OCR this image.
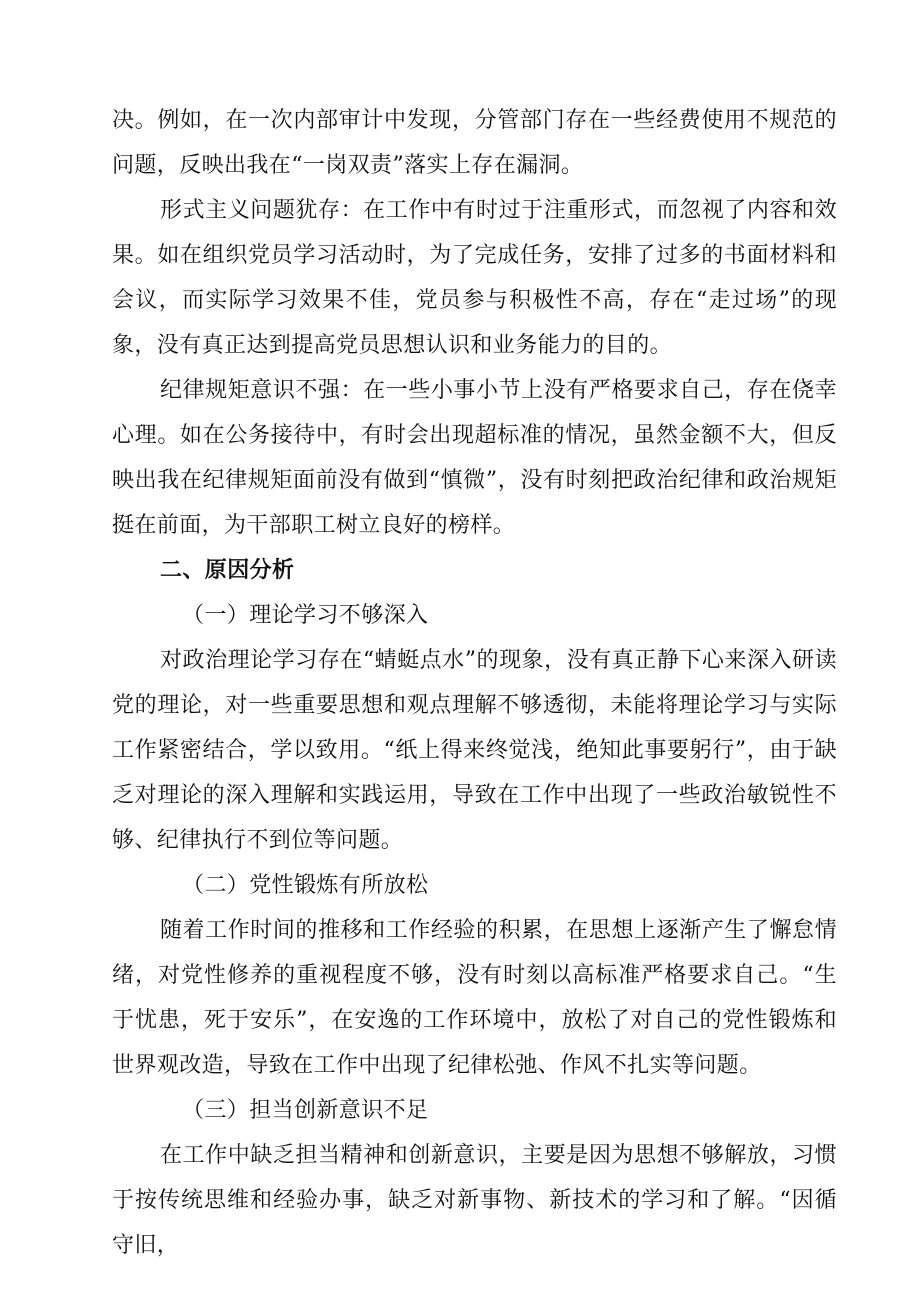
决。例如，在一次内部审计中发现，分管部门存在一些经费使用不规范的问题，反映出我在“一岗双责”落实上存在漏洞。

形式主义问题犹存：在工作中有时过于注重形式，而忽视了内容和效果。如在组织党员学习活动时，为了完成任务，安排了过多的书面材料和会议，而实际学习效果不佳，党员参与积极性不高，存在“走过场”的现象，没有真正达到提高党员思想认识和业务能力的目的。

纪律规矩意识不强：在一些小事小节上没有严格要求自己，存在侥幸心理。如在公务接待中，有时会出现超标准的情况，虽然金额不大，但反映出我在纪律规矩面前没有做到“慎微”，没有时刻把政治纪律和政治规矩挺在前面，为干部职工树立良好的榜样。

二、原因分析

（一）理论学习不够深入

对政治理论学习存在“蜻蜓点水”的现象，没有真正静下心来深入研读党的理论，对一些重要思想和观点理解不够透彻，未能将理论学习与实际工作紧密结合，学以致用。“纸上得来终觉浅，绝知此事要躬行”，由于缺乏对理论的深入理解和实践运用，导致在工作中出现了一些政治敏锐性不够、纪律执行不到位等问题。

（二）党性锻炼有所放松

随着工作时间的推移和工作经验的积累，在思想上逐渐产生了懈怠情绪，对党性修养的重视程度不够，没有时刻以高标准严格要求自己。“生于忧患，死于安乐”，在安逸的工作环境中，放松了对自己的党性锻炼和世界观改造，导致在工作中出现了纪律松弛、作风不扎实等问题。

（三）担当创新意识不足

在工作中缺乏担当精神和创新意识，主要是因为思想不够解放，习惯于按传统思维和经验办事，缺乏对新事物、新技术的学习和了解。“因循守旧，
